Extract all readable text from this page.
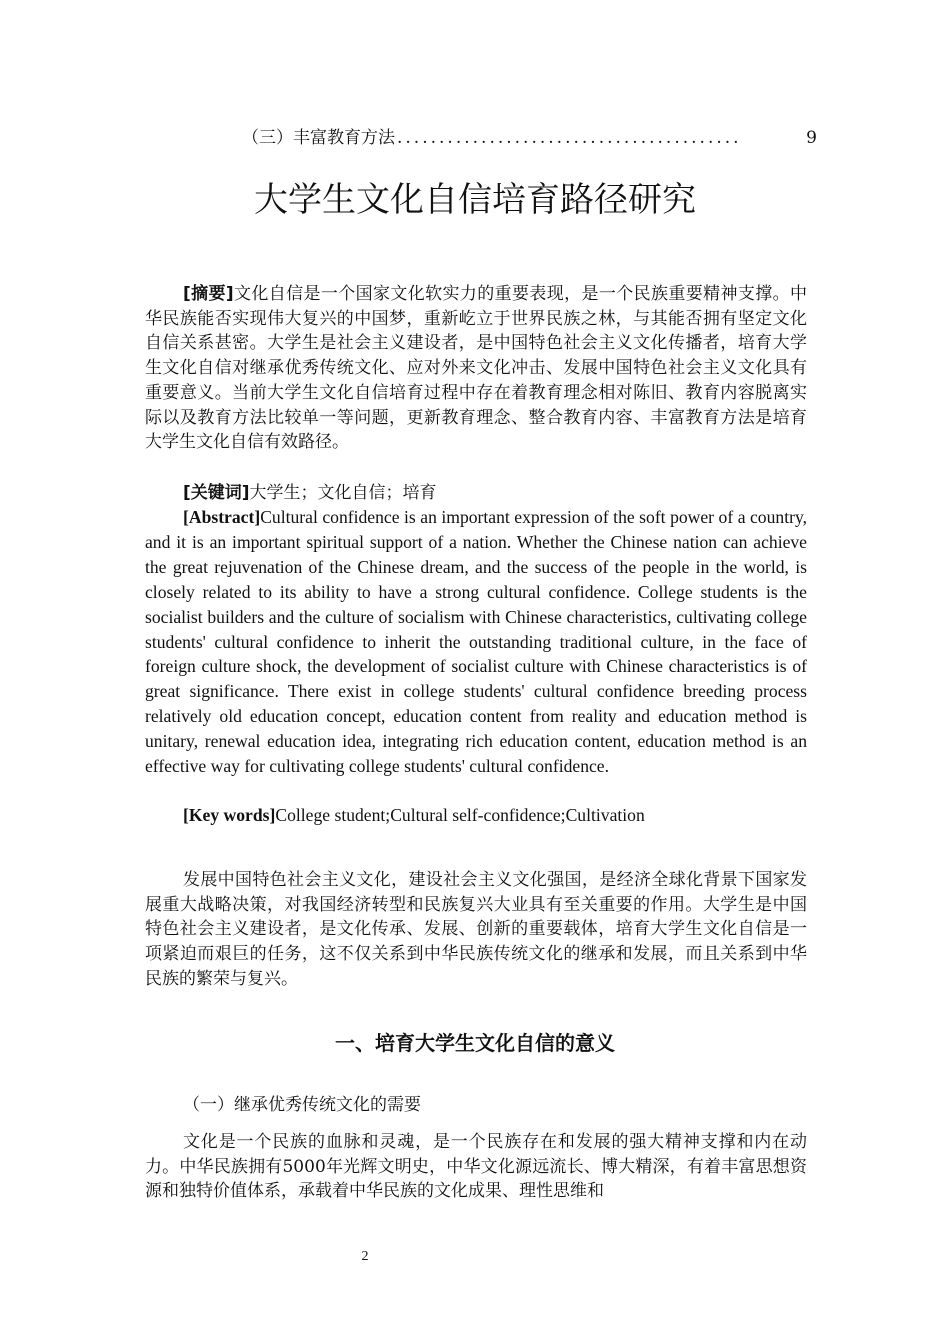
（三）丰富教育方法 .........................................	9
大学生文化自信培育路径研究

[摘要]文化自信是一个国家文化软实力的重要表现，是一个民族重要精神支撑。中华民族能否实现伟大复兴的中国梦，重新屹立于世界民族之林，与其能否拥有坚定文化自信关系甚密。大学生是社会主义建设者，是中国特色社会主义文化传播者，培育大学生文化自信对继承优秀传统文化、应对外来文化冲击、发展中国特色社会主义文化具有重要意义。当前大学生文化自信培育过程中存在着教育理念相对陈旧、教育内容脱离实际以及教育方法比较单一等问题，更新教育理念、整合教育内容、丰富教育方法是培育大学生文化自信有效路径。

[关键词]大学生；文化自信；培育

[Abstract]Cultural confidence is an important expression of the soft power of a country, and it is an important spiritual support of a nation. Whether the Chinese nation can achieve the great rejuvenation of the Chinese dream, and the success of the people in the world, is closely related to its ability to have a strong cultural confidence. College students is the socialist builders and the culture of socialism with Chinese characteristics, cultivating college students' cultural confidence to inherit the outstanding traditional culture, in the face of foreign culture shock, the development of socialist culture with Chinese characteristics is of great significance. There exist in college students' cultural confidence breeding process relatively old education concept, education content from reality and education method is unitary, renewal education idea, integrating rich education content, education method is an effective way for cultivating college students' cultural confidence.

[Key words]College student;Cultural self-confidence;Cultivation

发展中国特色社会主义文化，建设社会主义文化强国，是经济全球化背景下国家发展重大战略决策，对我国经济转型和民族复兴大业具有至关重要的作用。大学生是中国特色社会主义建设者，是文化传承、发展、创新的重要载体，培育大学生文化自信是一项紧迫而艰巨的任务，这不仅关系到中华民族传统文化的继承和发展，而且关系到中华民族的繁荣与复兴。

一、培育大学生文化自信的意义
（一）继承优秀传统文化的需要

文化是一个民族的血脉和灵魂，是一个民族存在和发展的强大精神支撑和内在动力。中华民族拥有5000年光辉文明史，中华文化源远流长、博大精深，有着丰富思想资源和独特价值体系，承载着中华民族的文化成果、理性思维和

2
